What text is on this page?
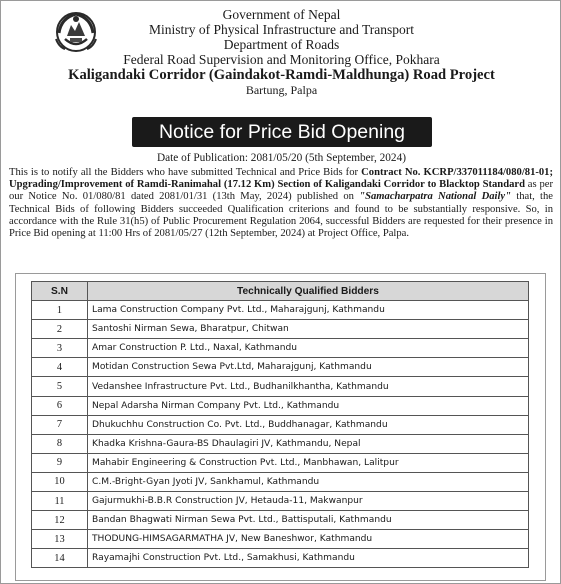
Government of Nepal
Ministry of Physical Infrastructure and Transport
Department of Roads
Federal Road Supervision and Monitoring Office, Pokhara
Kaligandaki Corridor (Gaindakot-Ramdi-Maldhunga) Road Project
Bartung, Palpa
Notice for Price Bid Opening
Date of Publication: 2081/05/20 (5th September, 2024)
This is to notify all the Bidders who have submitted Technical and Price Bids for Contract No. KCRP/337011184/080/81-01; Upgrading/Improvement of Ramdi-Ranimahal (17.12 Km) Section of Kaligandaki Corridor to Blacktop Standard as per our Notice No. 01/080/81 dated 2081/01/31 (13th May, 2024) published on "Samacharpatra National Daily" that, the Technical Bids of following Bidders succeeded Qualification criterions and found to be substantially responsive. So, in accordance with the Rule 31(h5) of Public Procurement Regulation 2064, successful Bidders are requested for their presence in Price Bid opening at 11:00 Hrs of 2081/05/27 (12th September, 2024) at Project Office, Palpa.
S.N	Technically Qualified Bidders
1	Lama Construction Company Pvt. Ltd., Maharajgunj, Kathmandu
2	Santoshi Nirman Sewa, Bharatpur, Chitwan
3	Amar Construction P. Ltd., Naxal, Kathmandu
4	Motidan Construction Sewa Pvt.Ltd, Maharajgunj, Kathmandu
5	Vedanshee Infrastructure Pvt. Ltd., Budhanilkhantha, Kathmandu
6	Nepal Adarsha Nirman Company Pvt. Ltd., Kathmandu
7	Dhukuchhu Construction Co. Pvt. Ltd., Buddhanagar, Kathmandu
8	Khadka Krishna-Gaura-BS Dhaulagiri JV, Kathmandu, Nepal
9	Mahabir Engineering & Construction Pvt. Ltd., Manbhawan, Lalitpur
10	C.M.-Bright-Gyan Jyoti JV, Sankhamul, Kathmandu
11	Gajurmukhi-B.B.R Construction JV, Hetauda-11, Makwanpur
12	Bandan Bhagwati Nirman Sewa Pvt. Ltd., Battisputali, Kathmandu
13	THODUNG-HIMSAGARMATHA JV, New Baneshwor, Kathmandu
14	Rayamajhi Construction Pvt. Ltd., Samakhusi, Kathmandu
